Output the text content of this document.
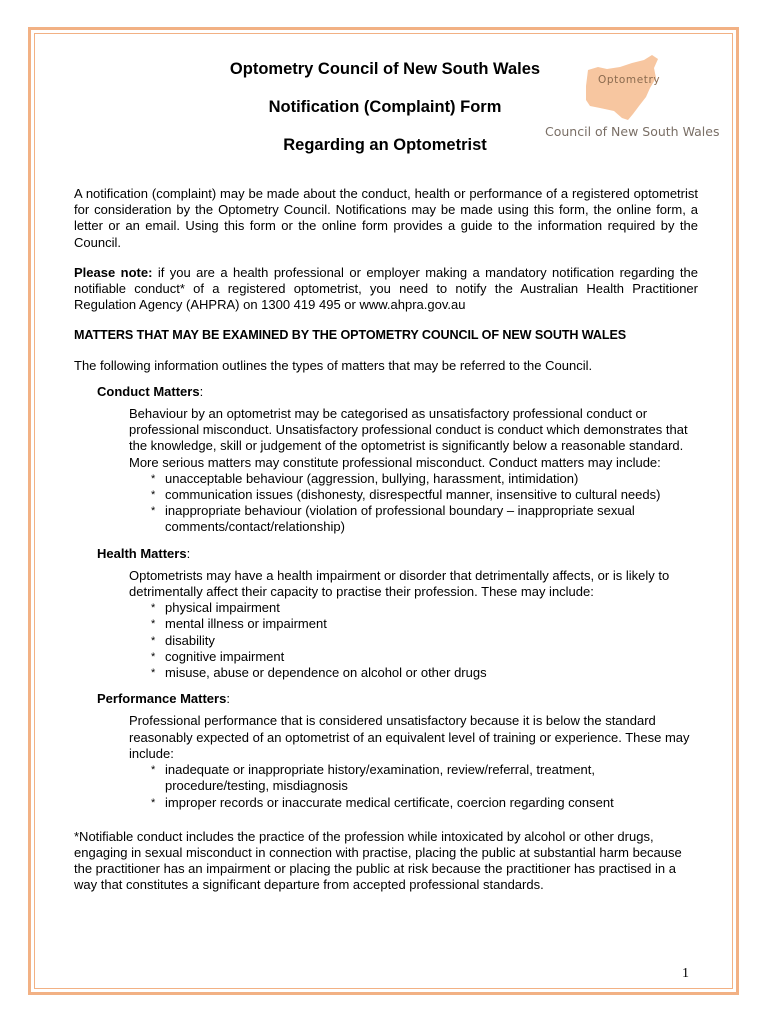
Optometry Council of New South Wales

Notification (Complaint) Form

Regarding an Optometrist

Optometry
Council of New South Wales

A notification (complaint) may be made about the conduct, health or performance of a registered optometrist for consideration by the Optometry Council. Notifications may be made using this form, the online form, a letter or an email. Using this form or the online form provides a guide to the information required by the Council.

Please note: if you are a health professional or employer making a mandatory notification regarding the notifiable conduct* of a registered optometrist, you need to notify the Australian Health Practitioner Regulation Agency (AHPRA) on 1300 419 495 or www.ahpra.gov.au

MATTERS THAT MAY BE EXAMINED BY THE OPTOMETRY COUNCIL OF NEW SOUTH WALES

The following information outlines the types of matters that may be referred to the Council.

Conduct Matters:

Behaviour by an optometrist may be categorised as unsatisfactory professional conduct or professional misconduct. Unsatisfactory professional conduct is conduct which demonstrates that the knowledge, skill or judgement of the optometrist is significantly below a reasonable standard. More serious matters may constitute professional misconduct. Conduct matters may include:

* unacceptable behaviour (aggression, bullying, harassment, intimidation)
* communication issues (dishonesty, disrespectful manner, insensitive to cultural needs)
* inappropriate behaviour (violation of professional boundary – inappropriate sexual comments/contact/relationship)

Health Matters:

Optometrists may have a health impairment or disorder that detrimentally affects, or is likely to detrimentally affect their capacity to practise their profession. These may include:

* physical impairment
* mental illness or impairment
* disability
* cognitive impairment
* misuse, abuse or dependence on alcohol or other drugs

Performance Matters:

Professional performance that is considered unsatisfactory because it is below the standard reasonably expected of an optometrist of an equivalent level of training or experience. These may include:

* inadequate or inappropriate history/examination, review/referral, treatment, procedure/testing, misdiagnosis
* improper records or inaccurate medical certificate, coercion regarding consent

*Notifiable conduct includes the practice of the profession while intoxicated by alcohol or other drugs, engaging in sexual misconduct in connection with practise, placing the public at substantial harm because the practitioner has an impairment or placing the public at risk because the practitioner has practised in a way that constitutes a significant departure from accepted professional standards.

1
